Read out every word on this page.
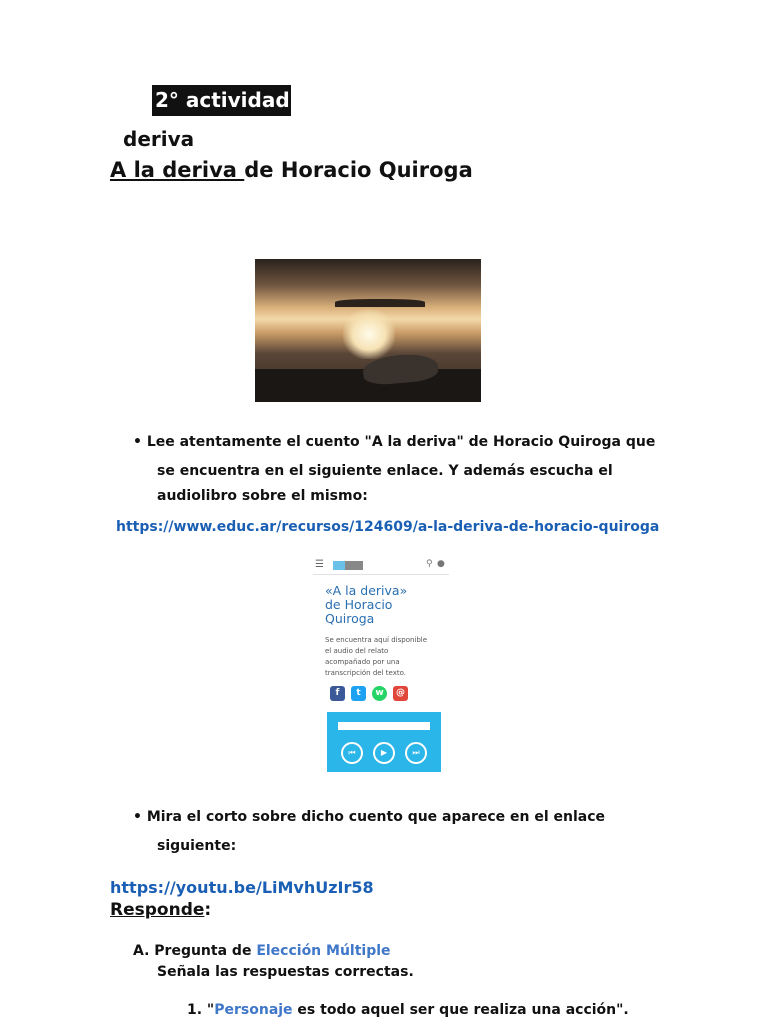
2° actividad
deriva
A la deriva de Horacio Quiroga
• Lee atentamente el cuento "A la deriva" de Horacio Quiroga que
se encuentra en el siguiente enlace. Y además escucha el
audiolibro sobre el mismo:
https://www.educ.ar/recursos/124609/a-la-deriva-de-horacio-quiroga
☰	⚲ ●
«A la deriva»
de Horacio
Quiroga
Se encuentra aquí disponible
el audio del relato
acompañado por una
transcripción del texto.
f	t	w	@
⏮	▶	⏭
• Mira el corto sobre dicho cuento que aparece en el enlace
siguiente:
https://youtu.be/LiMvhUzIr58
Responde:
A. Pregunta de Elección Múltiple
Señala las respuestas correctas.
1. "Personaje es todo aquel ser que realiza una acción".
